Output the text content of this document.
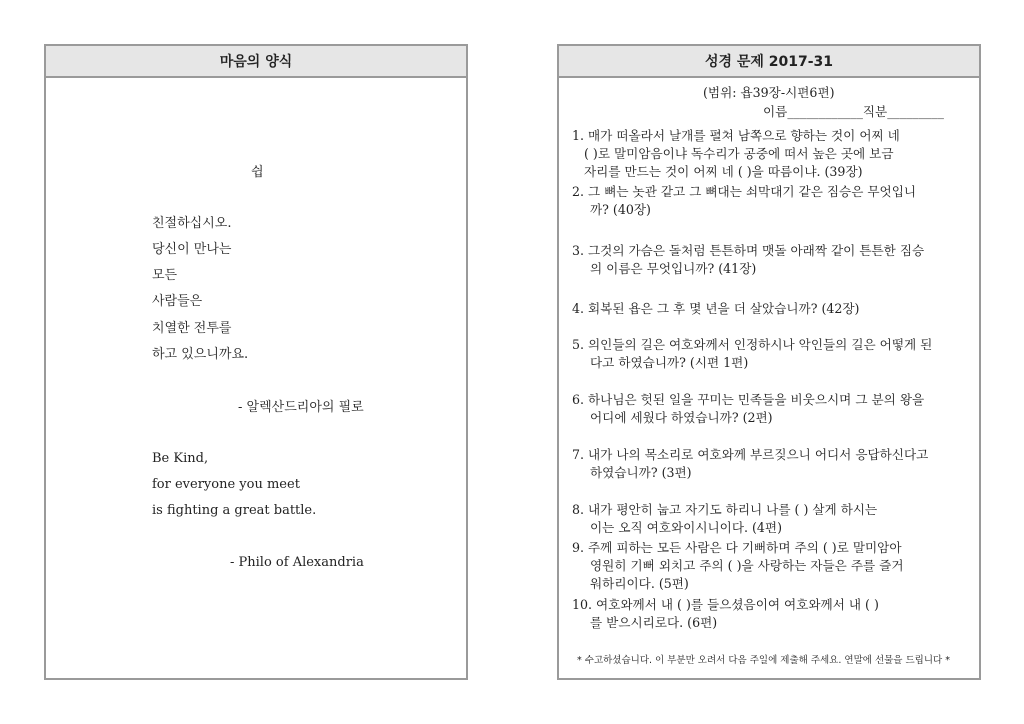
마음의 양식
쉽
친절하십시오.
당신이 만나는
모든
사람들은
치열한 전투를
하고 있으니까요.
- 알렉산드리아의 필로
Be Kind,
for everyone you meet
is fighting a great battle.
- Philo of Alexandria
성경 문제 2017-31
(범위: 욥39장-시편6편)
이름____________직분_________
1. 매가 떠올라서 날개를 펼쳐 남쪽으로 향하는 것이 어찌 네
( )로 말미암음이냐 독수리가 공중에 떠서 높은 곳에 보금
자리를 만드는 것이 어찌 네 ( )을 따름이냐. (39장)
2. 그 뼈는 놋관 같고 그 뼈대는 쇠막대기 같은 짐승은 무엇입니
까? (40장)
3. 그것의 가슴은 돌처럼 튼튼하며 맷돌 아래짝 같이 튼튼한 짐승
의 이름은 무엇입니까? (41장)
4. 회복된 욥은 그 후 몇 년을 더 살았습니까? (42장)
5. 의인들의 길은 여호와께서 인정하시나 악인들의 길은 어떻게 된
다고 하였습니까? (시편 1편)
6. 하나님은 헛된 일을 꾸미는 민족들을 비웃으시며 그 분의 왕을
어디에 세웠다 하였습니까? (2편)
7. 내가 나의 목소리로 여호와께 부르짖으니 어디서 응답하신다고
하였습니까? (3편)
8. 내가 평안히 눕고 자기도 하리니 나를 ( ) 살게 하시는
이는 오직 여호와이시니이다. (4편)
9. 주께 피하는 모든 사람은 다 기뻐하며 주의 ( )로 말미암아
영원히 기뻐 외치고 주의 ( )을 사랑하는 자들은 주를 즐거
워하리이다. (5편)
10. 여호와께서 내 ( )를 들으셨음이여 여호와께서 내 ( )
를 받으시리로다. (6편)
* 수고하셨습니다. 이 부분만 오려서 다음 주일에 제출해 주세요. 연말에 선물을 드립니다 *
